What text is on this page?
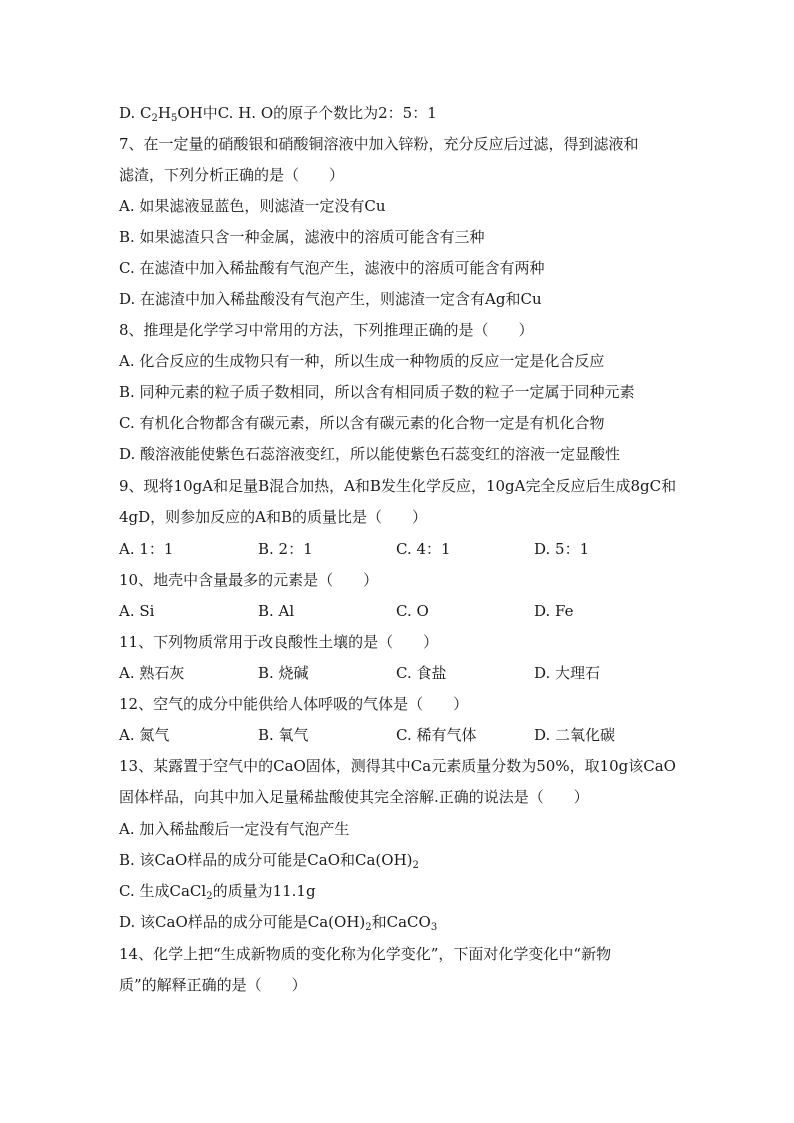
D. $C_2H_5OH$中C. H. O的原子个数比为2：5：1
7、在一定量的硝酸银和硝酸铜溶液中加入锌粉，充分反应后过滤，得到滤液和
滤渣，下列分析正确的是（　　）
A. 如果滤液显蓝色，则滤渣一定没有Cu
B. 如果滤渣只含一种金属，滤液中的溶质可能含有三种
C. 在滤渣中加入稀盐酸有气泡产生，滤液中的溶质可能含有两种
D. 在滤渣中加入稀盐酸没有气泡产生，则滤渣一定含有Ag和Cu
8、推理是化学学习中常用的方法，下列推理正确的是（　　）
A. 化合反应的生成物只有一种，所以生成一种物质的反应一定是化合反应
B. 同种元素的粒子质子数相同，所以含有相同质子数的粒子一定属于同种元素
C. 有机化合物都含有碳元素，所以含有碳元素的化合物一定是有机化合物
D. 酸溶液能使紫色石蕊溶液变红，所以能使紫色石蕊变红的溶液一定显酸性
9、现将10gA和足量B混合加热，A和B发生化学反应，10gA完全反应后生成8gC和
4gD，则参加反应的A和B的质量比是（　　）
A. 1：1	B. 2：1	C. 4：1	D. 5：1
10、地壳中含量最多的元素是（　　）
A. Si	B. Al	C. O	D. Fe
11、下列物质常用于改良酸性土壤的是（　　）
A. 熟石灰	B. 烧碱	C. 食盐	D. 大理石
12、空气的成分中能供给人体呼吸的气体是（　　）
A. 氮气	B. 氧气	C. 稀有气体	D. 二氧化碳
13、某露置于空气中的CaO固体，测得其中Ca元素质量分数为50%，取10g该CaO
固体样品，向其中加入足量稀盐酸使其完全溶解.正确的说法是（　　）
A. 加入稀盐酸后一定没有气泡产生
B. 该CaO样品的成分可能是CaO和$Ca(OH)_2$
C. 生成CaCl$_2$的质量为11.1g
D. 该CaO样品的成分可能是$Ca(OH)_2$和CaCO$_3$
14、化学上把“生成新物质的变化称为化学变化”，下面对化学变化中“新物
质”的解释正确的是（　　）
